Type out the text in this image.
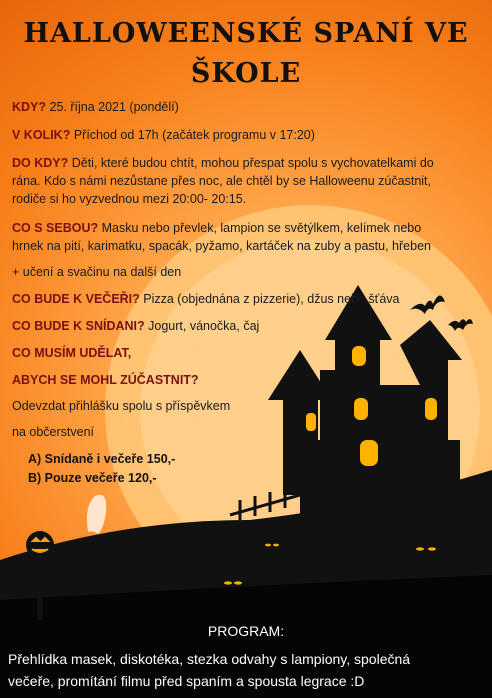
HALLOWEENSKÉ SPANÍ VE
ŠKOLE
KDY? 25. října 2021 (pondělí)
V KOLIK? Příchod od 17h (začátek programu v 17:20)
DO KDY? Děti, které budou chtít, mohou přespat spolu s vychovatelkami do
rána. Kdo s námi nezůstane přes noc, ale chtěl by se Halloweenu zúčastnit,
rodiče si ho vyzvednou mezi 20:00- 20:15.
CO S SEBOU? Masku nebo převlek, lampion se světýlkem, kelímek nebo
hrnek na pití, karimatku, spacák, pyžamo, kartáček na zuby a pastu, hřeben
+ učení a svačinu na další den
CO BUDE K VEČEŘI? Pizza (objednána z pizzerie), džus nebo šťáva
CO BUDE K SNÍDANI? Jogurt, vánočka, čaj
CO MUSÍM UDĚLAT,
ABYCH SE MOHL ZÚČASTNIT?
Odevzdat přihlášku spolu s příspěvkem
na občerstvení
A) Snídaně i večeře 150,-
B) Pouze večeře 120,-
PROGRAM:
Přehlídka masek, diskotéka, stezka odvahy s lampiony, společná
večeře, promítání filmu před spaním a spousta legrace :D
